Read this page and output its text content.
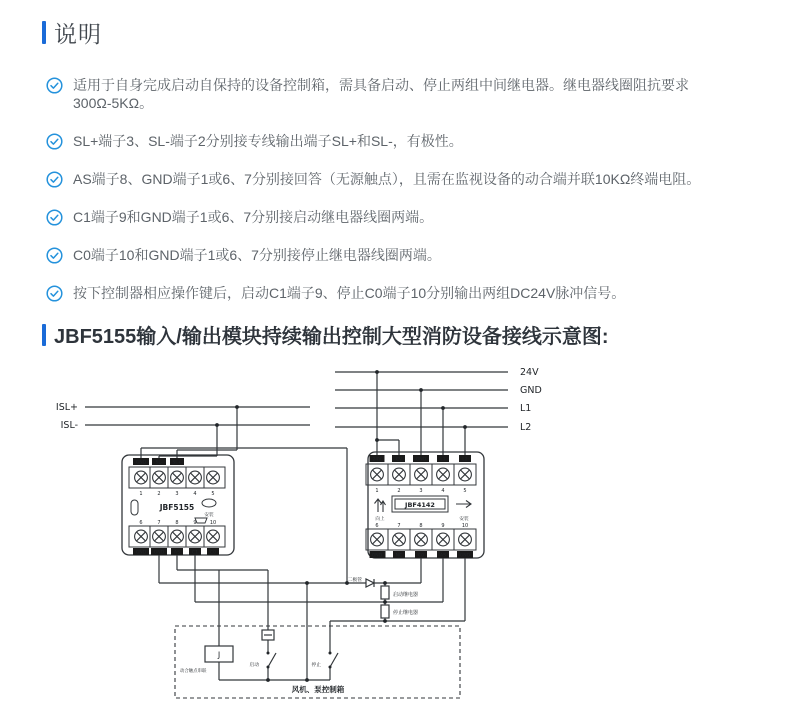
说明
适用于自身完成启动自保持的设备控制箱，需具备启动、停止两组中间继电器。继电器线圈阻抗要求300Ω-5KΩ。
SL+端子3、SL-端子2分别接专线输出端子SL+和SL-，有极性。
AS端子8、GND端子1或6、7分别接回答（无源触点），且需在监视设备的动合端并联10KΩ终端电阻。
C1端子9和GND端子1或6、7分别接启动继电器线圈两端。
C0端子10和GND端子1或6、7分别接停止继电器线圈两端。
按下控制器相应操作键后，启动C1端子9、停止C0端子10分别输出两组DC24V脉冲信号。
JBF5155输入/输出模块持续输出控制大型消防设备接线示意图:
ISL+
ISL-
24V
GND
L1
L2
GND SL- SL+
1	2	3	4	5
JBF5155
安装
6	7	8	9	10
GND GND AS	C1	C0
24V	CV	GND	L1	L2
1	2	3	4	5
向上
JBF4142
安装
6	7	8	9	10
GND	NC	C0	AS	GND
二极管
启动继电器
停止继电器
J
动合触点串联
启动	停止
风机、泵控制箱
